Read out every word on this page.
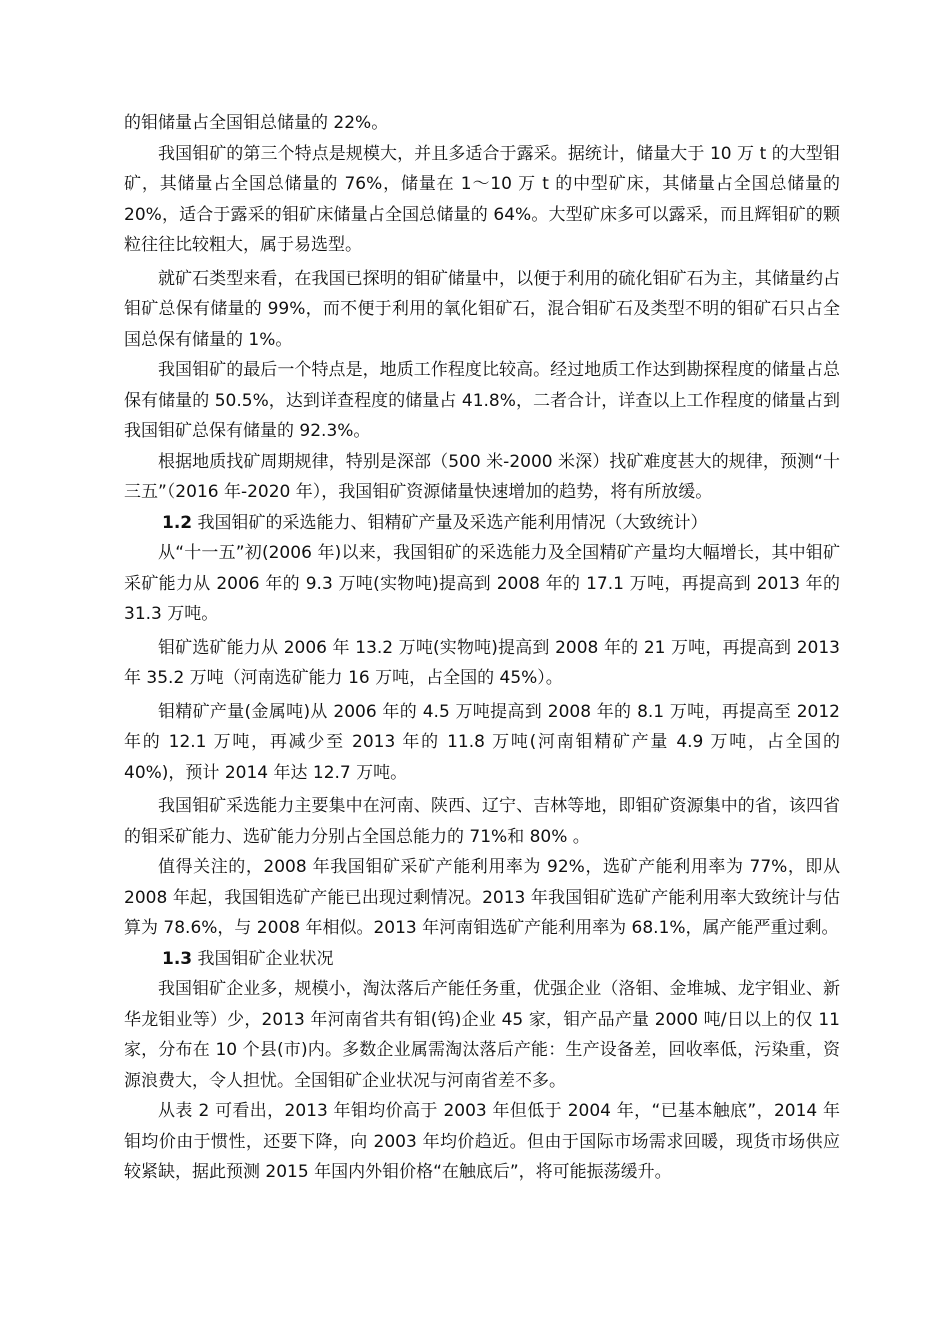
的钼储量占全国钼总储量的 22%。

我国钼矿的第三个特点是规模大，并且多适合于露采。据统计，储量大于 10 万 t 的大型钼矿，其储量占全国总储量的 76%，储量在 1～10 万 t 的中型矿床，其储量占全国总储量的 20%，适合于露采的钼矿床储量占全国总储量的 64%。大型矿床多可以露采，而且辉钼矿的颗粒往往比较粗大，属于易选型。

就矿石类型来看，在我国已探明的钼矿储量中，以便于利用的硫化钼矿石为主，其储量约占钼矿总保有储量的 99%，而不便于利用的氧化钼矿石，混合钼矿石及类型不明的钼矿石只占全国总保有储量的 1%。

我国钼矿的最后一个特点是，地质工作程度比较高。经过地质工作达到勘探程度的储量占总保有储量的 50.5%，达到详查程度的储量占 41.8%，二者合计，详查以上工作程度的储量占到我国钼矿总保有储量的 92.3%。

根据地质找矿周期规律，特别是深部（500 米-2000 米深）找矿难度甚大的规律，预测“十三五”（2016 年-2020 年），我国钼矿资源储量快速增加的趋势，将有所放缓。

1.2 我国钼矿的采选能力、钼精矿产量及采选产能利用情况（大致统计）

从“十一五”初(2006 年)以来，我国钼矿的采选能力及全国精矿产量均大幅增长，其中钼矿采矿能力从 2006 年的 9.3 万吨(实物吨)提高到 2008 年的 17.1 万吨，再提高到 2013 年的 31.3 万吨。

钼矿选矿能力从 2006 年 13.2 万吨(实物吨)提高到 2008 年的 21 万吨，再提高到 2013 年 35.2 万吨（河南选矿能力 16 万吨，占全国的 45%）。

钼精矿产量(金属吨)从 2006 年的 4.5 万吨提高到 2008 年的 8.1 万吨，再提高至 2012 年的 12.1 万吨，再减少至 2013 年的 11.8 万吨(河南钼精矿产量 4.9 万吨，占全国的 40%)，预计 2014 年达 12.7 万吨。

我国钼矿采选能力主要集中在河南、陕西、辽宁、吉林等地，即钼矿资源集中的省，该四省的钼采矿能力、选矿能力分别占全国总能力的 71%和 80% 。

值得关注的，2008 年我国钼矿采矿产能利用率为 92%，选矿产能利用率为 77%，即从 2008 年起，我国钼选矿产能已出现过剩情况。2013 年我国钼矿选矿产能利用率大致统计与估算为 78.6%，与 2008 年相似。2013 年河南钼选矿产能利用率为 68.1%，属产能严重过剩。

1.3 我国钼矿企业状况

我国钼矿企业多，规模小，淘汰落后产能任务重，优强企业（洛钼、金堆城、龙宇钼业、新华龙钼业等）少，2013 年河南省共有钼(钨)企业 45 家，钼产品产量 2000 吨/日以上的仅 11 家，分布在 10 个县(市)内。多数企业属需淘汰落后产能：生产设备差，回收率低，污染重，资源浪费大，令人担忧。全国钼矿企业状况与河南省差不多。

从表 2 可看出，2013 年钼均价高于 2003 年但低于 2004 年，“已基本触底”，2014 年钼均价由于惯性，还要下降，向 2003 年均价趋近。但由于国际市场需求回暖，现货市场供应较紧缺，据此预测 2015 年国内外钼价格“在触底后”，将可能振荡缓升。
